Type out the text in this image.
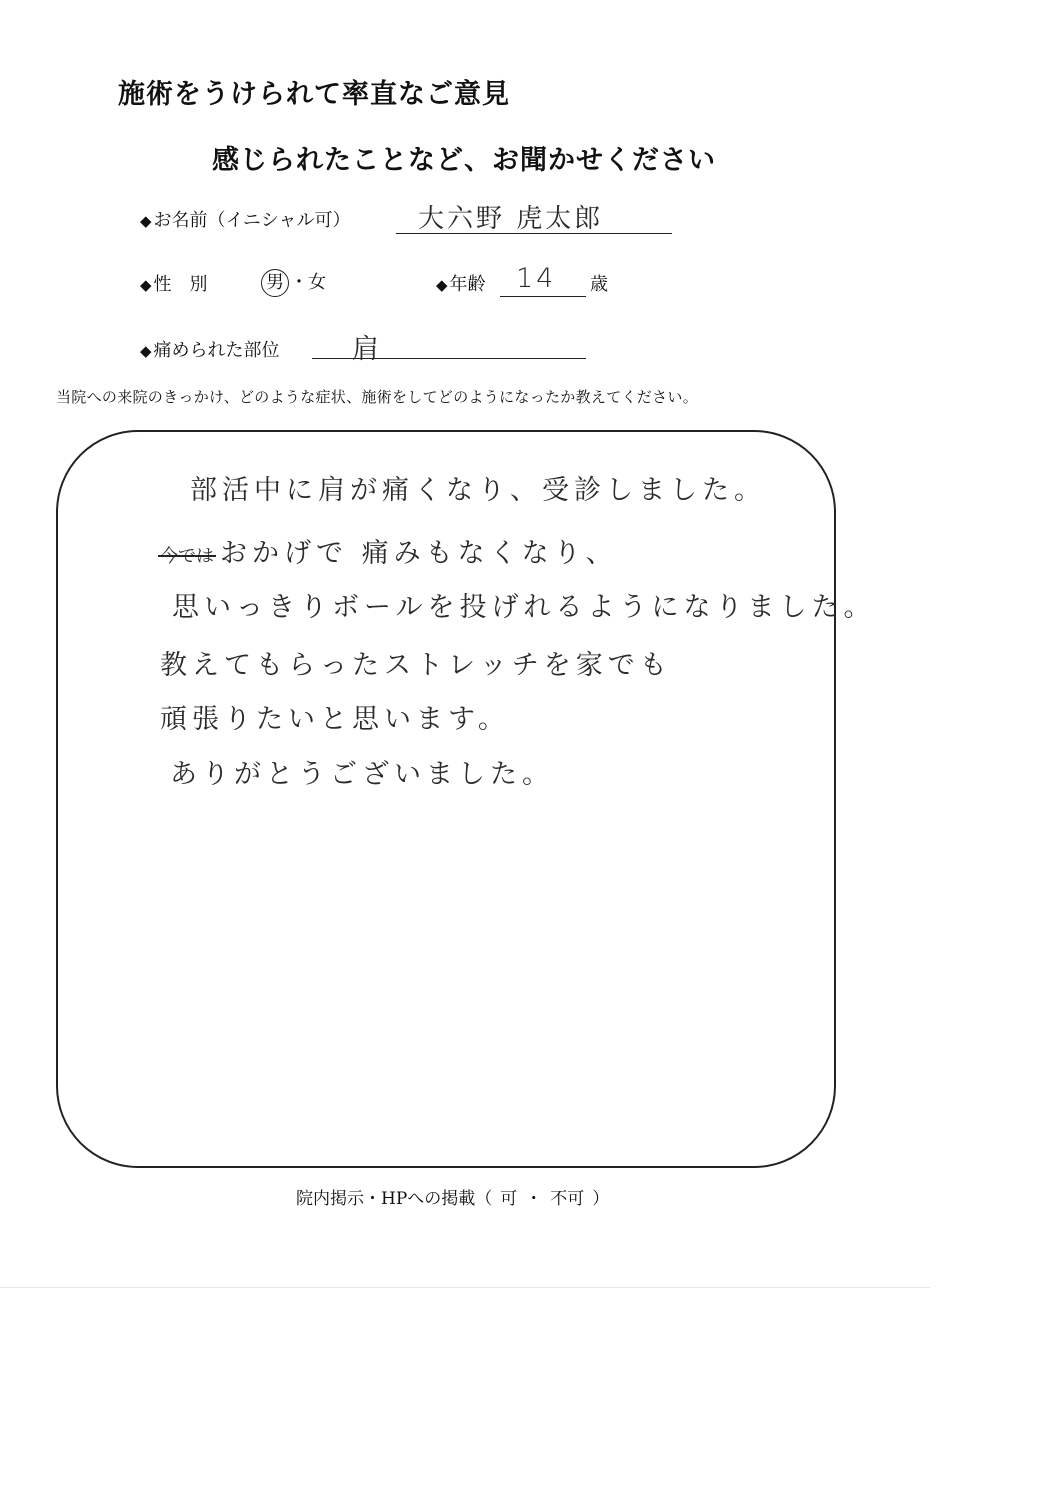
施術をうけられて率直なご意見
感じられたことなど、お聞かせください
◆ お名前（イニシャル可）	大六野 虎太郎
◆ 性　別	男 ・女	◆ 年齢 14 歳
◆ 痛められた部位	肩
当院への来院のきっかけ、どのような症状、施術をしてどのようになったか教えてください。
部活中に肩が痛くなり、受診しました。
今では おかげで 痛みもなくなり、
思いっきりボールを投げれるようになりました。
教えてもらったストレッチを家でも
頑張りたいと思います。
ありがとうございました。
院内掲示・HPへの掲載（ 可 ・ 不可 ）
